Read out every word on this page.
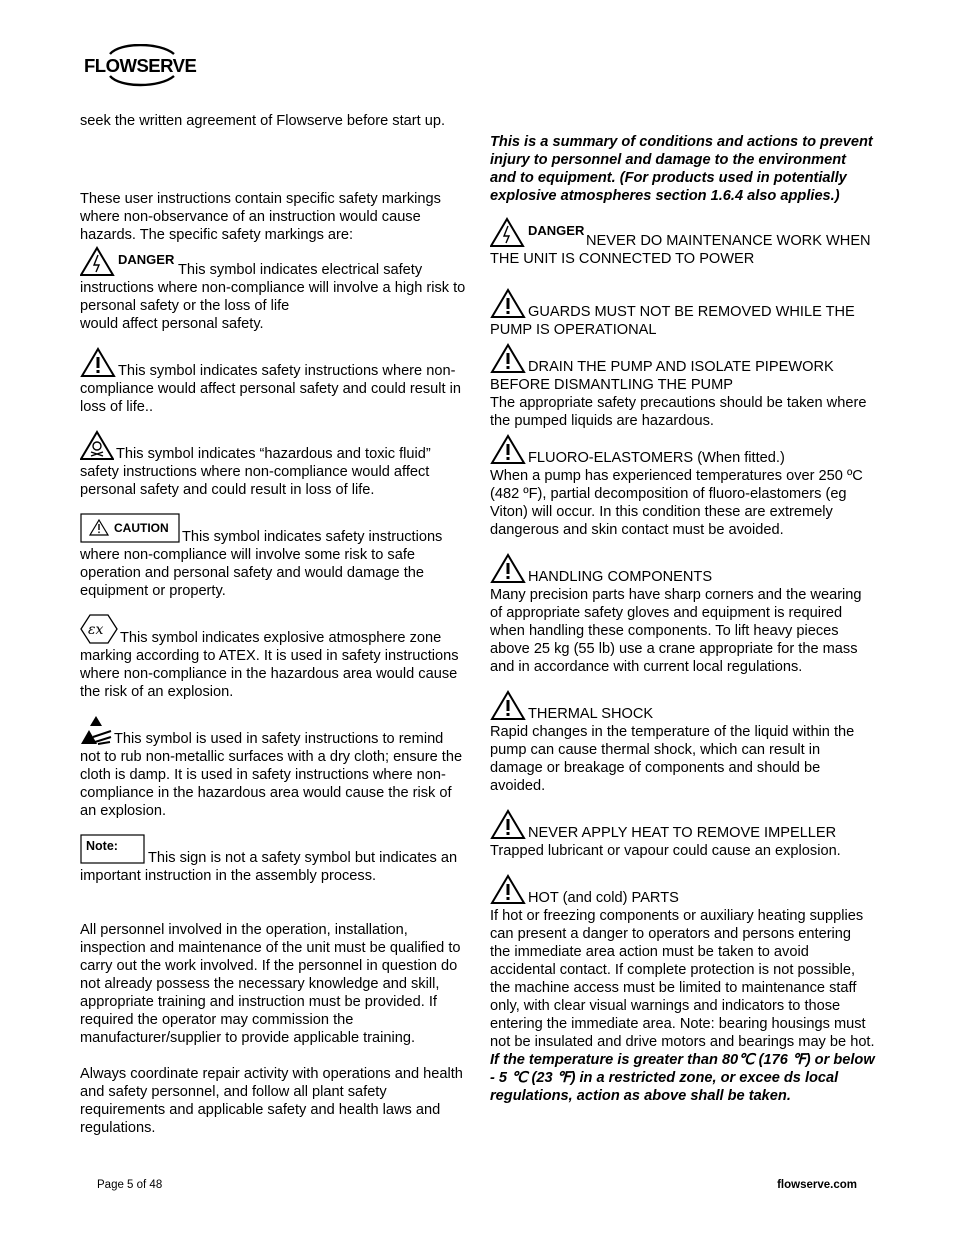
FLOWSERVE

seek the written agreement of Flowserve before start up.

These user instructions contain specific safety markings where non-observance of an instruction would cause hazards. The specific safety markings are:

DANGER
This symbol indicates electrical safety instructions where non-compliance will involve a high risk to personal safety or the loss of life
would affect personal safety.
This symbol indicates safety instructions where non-compliance would affect personal safety and could result in loss of life..
This symbol indicates “hazardous and toxic fluid” safety instructions where non-compliance would affect personal safety and could result in loss of life.
CAUTION
This symbol indicates safety instructions where non-compliance will involve some risk to safe operation and personal safety and would damage the equipment or property.
εx This symbol indicates explosive atmosphere zone marking according to ATEX. It is used in safety instructions where non-compliance in the hazardous area would cause the risk of an explosion.
This symbol is used in safety instructions to remind not to rub non-metallic surfaces with a dry cloth; ensure the cloth is damp. It is used in safety instructions where non-compliance in the hazardous area would cause the risk of an explosion.
Note:
This sign is not a safety symbol but indicates an important instruction in the assembly process.

All personnel involved in the operation, installation, inspection and maintenance of the unit must be qualified to carry out the work involved. If the personnel in question do not already possess the necessary knowledge and skill, appropriate training and instruction must be provided. If required the operator may commission the manufacturer/supplier to provide applicable training.

Always coordinate repair activity with operations and health and safety personnel, and follow all plant safety requirements and applicable safety and health laws and regulations.

This is a summary of conditions and actions to prevent injury to personnel and damage to the environment and to equipment. (For products used in potentially explosive atmospheres section 1.6.4 also applies.)

DANGER
NEVER DO MAINTENANCE WORK WHEN THE UNIT IS CONNECTED TO POWER
GUARDS MUST NOT BE REMOVED WHILE THE PUMP IS OPERATIONAL
DRAIN THE PUMP AND ISOLATE PIPEWORK BEFORE DISMANTLING THE PUMP
The appropriate safety precautions should be taken where the pumped liquids are hazardous.
FLUORO-ELASTOMERS (When fitted.)
When a pump has experienced temperatures over 250 ºC (482 ºF), partial decomposition of fluoro-elastomers (eg Viton) will occur. In this condition these are extremely dangerous and skin contact must be avoided.
HANDLING COMPONENTS
Many precision parts have sharp corners and the wearing of appropriate safety gloves and equipment is required when handling these components. To lift heavy pieces above 25 kg (55 lb) use a crane appropriate for the mass and in accordance with current local regulations.
THERMAL SHOCK
Rapid changes in the temperature of the liquid within the pump can cause thermal shock, which can result in damage or breakage of components and should be avoided.
NEVER APPLY HEAT TO REMOVE IMPELLER
Trapped lubricant or vapour could cause an explosion.
HOT (and cold) PARTS
If hot or freezing components or auxiliary heating supplies can present a danger to operators and persons entering the immediate area action must be taken to avoid accidental contact. If complete protection is not possible, the machine access must be limited to maintenance staff only, with clear visual warnings and indicators to those entering the immediate area. Note: bearing housings must not be insulated and drive motors and bearings may be hot.
If the temperature is greater than 80℃ (176 ℉) or below - 5 ℃ (23 ℉) in a restricted zone, or excee ds local regulations, action as above shall be taken.
Page 5 of 48	flowserve.com
